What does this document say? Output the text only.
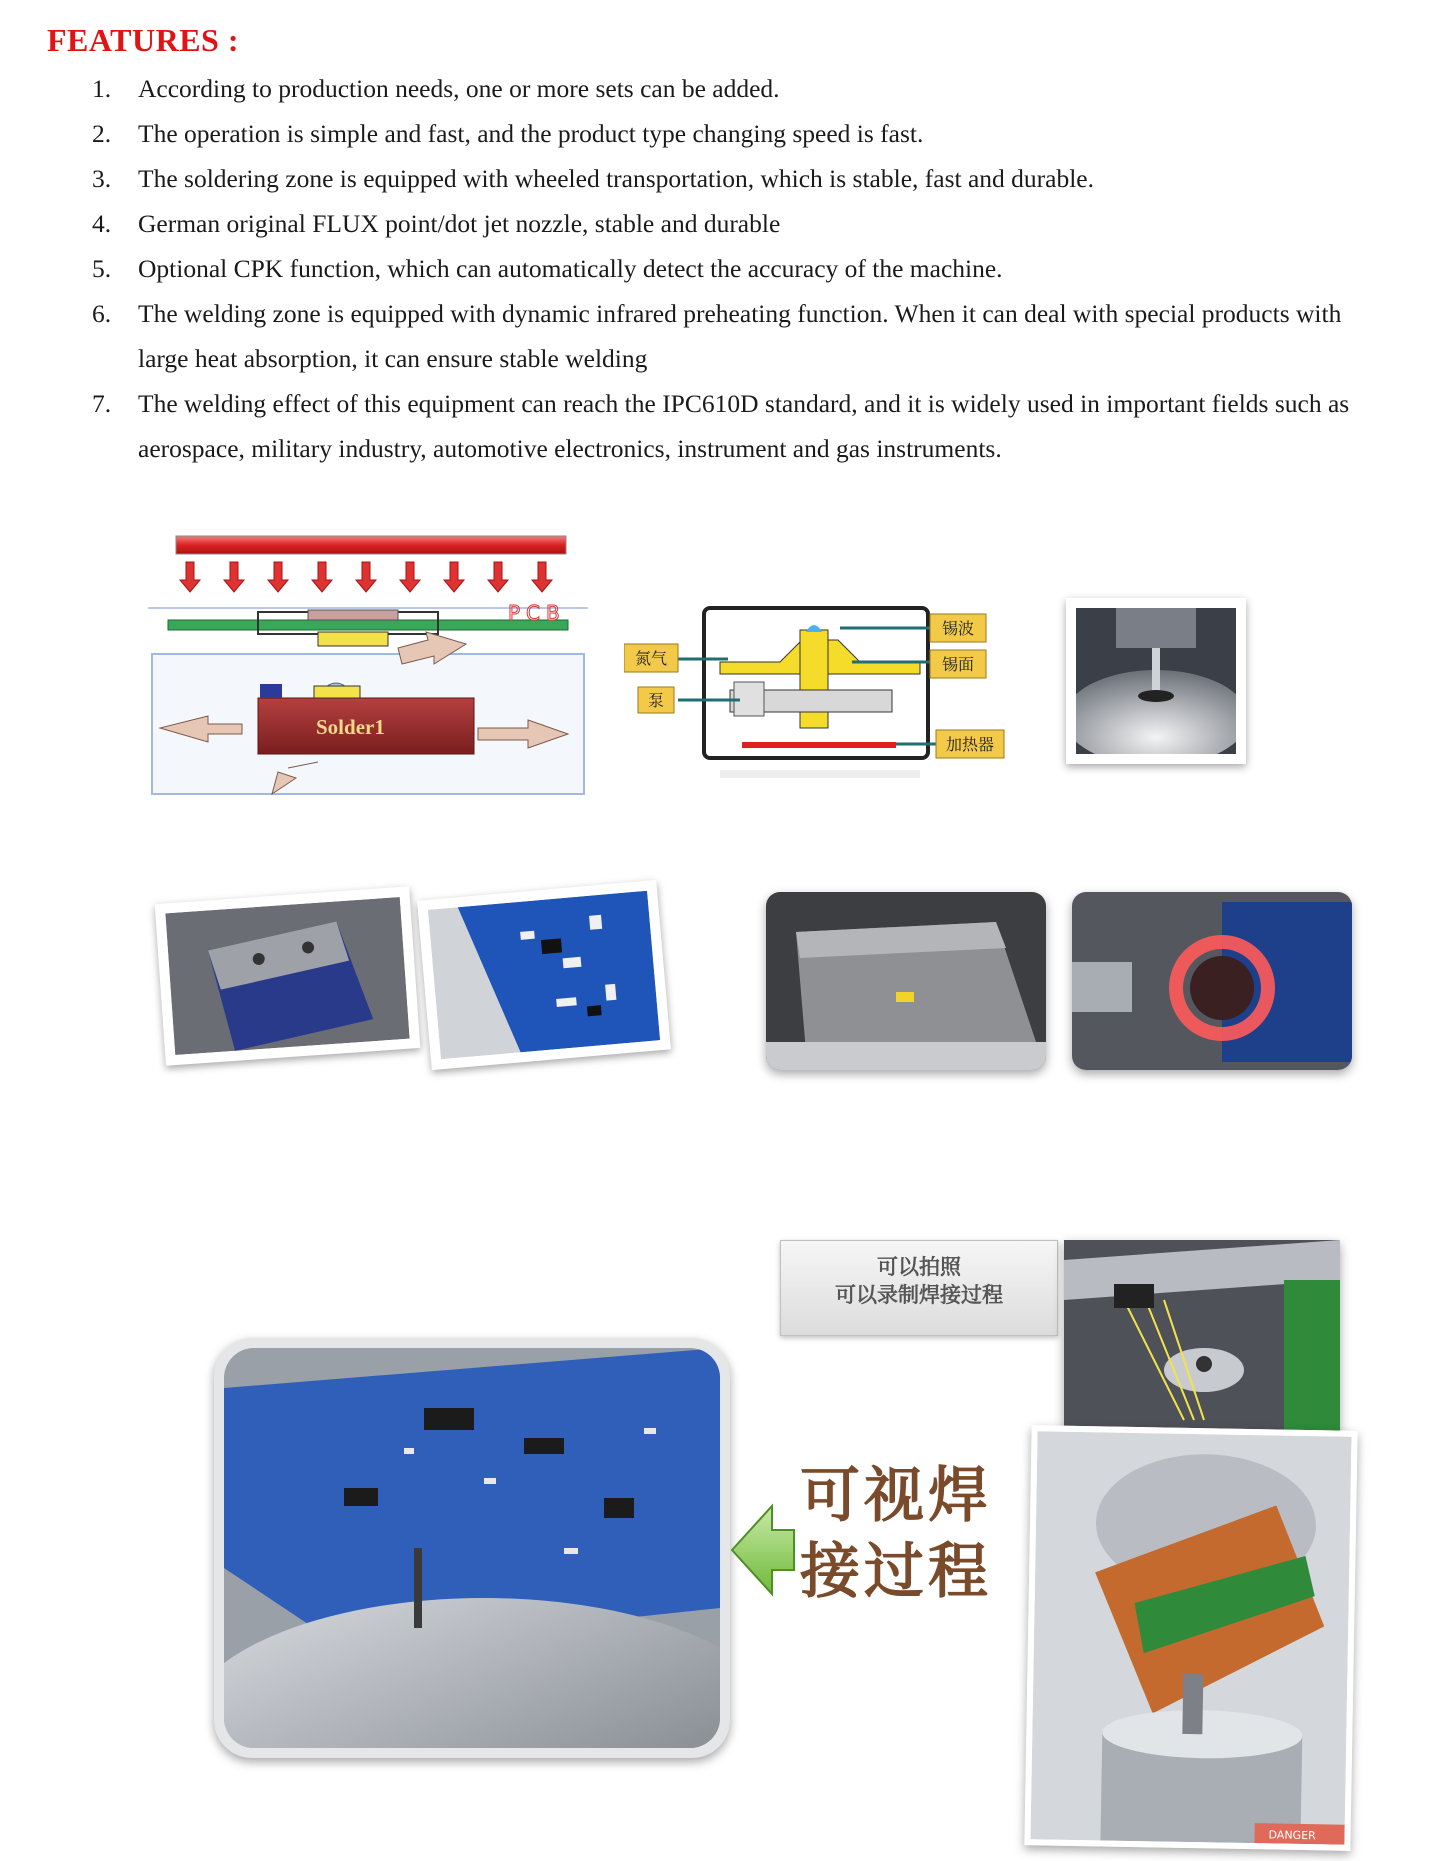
FEATURES :
1.	According to production needs, one or more sets can be added.
2.	The operation is simple and fast, and the product type changing speed is fast.
3.	The soldering zone is equipped with wheeled transportation, which is stable, fast and durable.
4.	German original FLUX point/dot jet nozzle, stable and durable
5.	Optional CPK function, which can automatically detect the accuracy of the machine.
6.	The welding zone is equipped with dynamic infrared preheating function. When it can deal with special products with large heat absorption, it can ensure stable welding
7.	The welding effect of this equipment can reach the IPC610D standard, and it is widely used in important fields such as aerospace, military industry, automotive electronics, instrument and gas instruments.
PCB
Solder1
氮气
泵
锡波
锡面
加热器
可以拍照
可以录制焊接过程
可视焊
接过程
DANGER
